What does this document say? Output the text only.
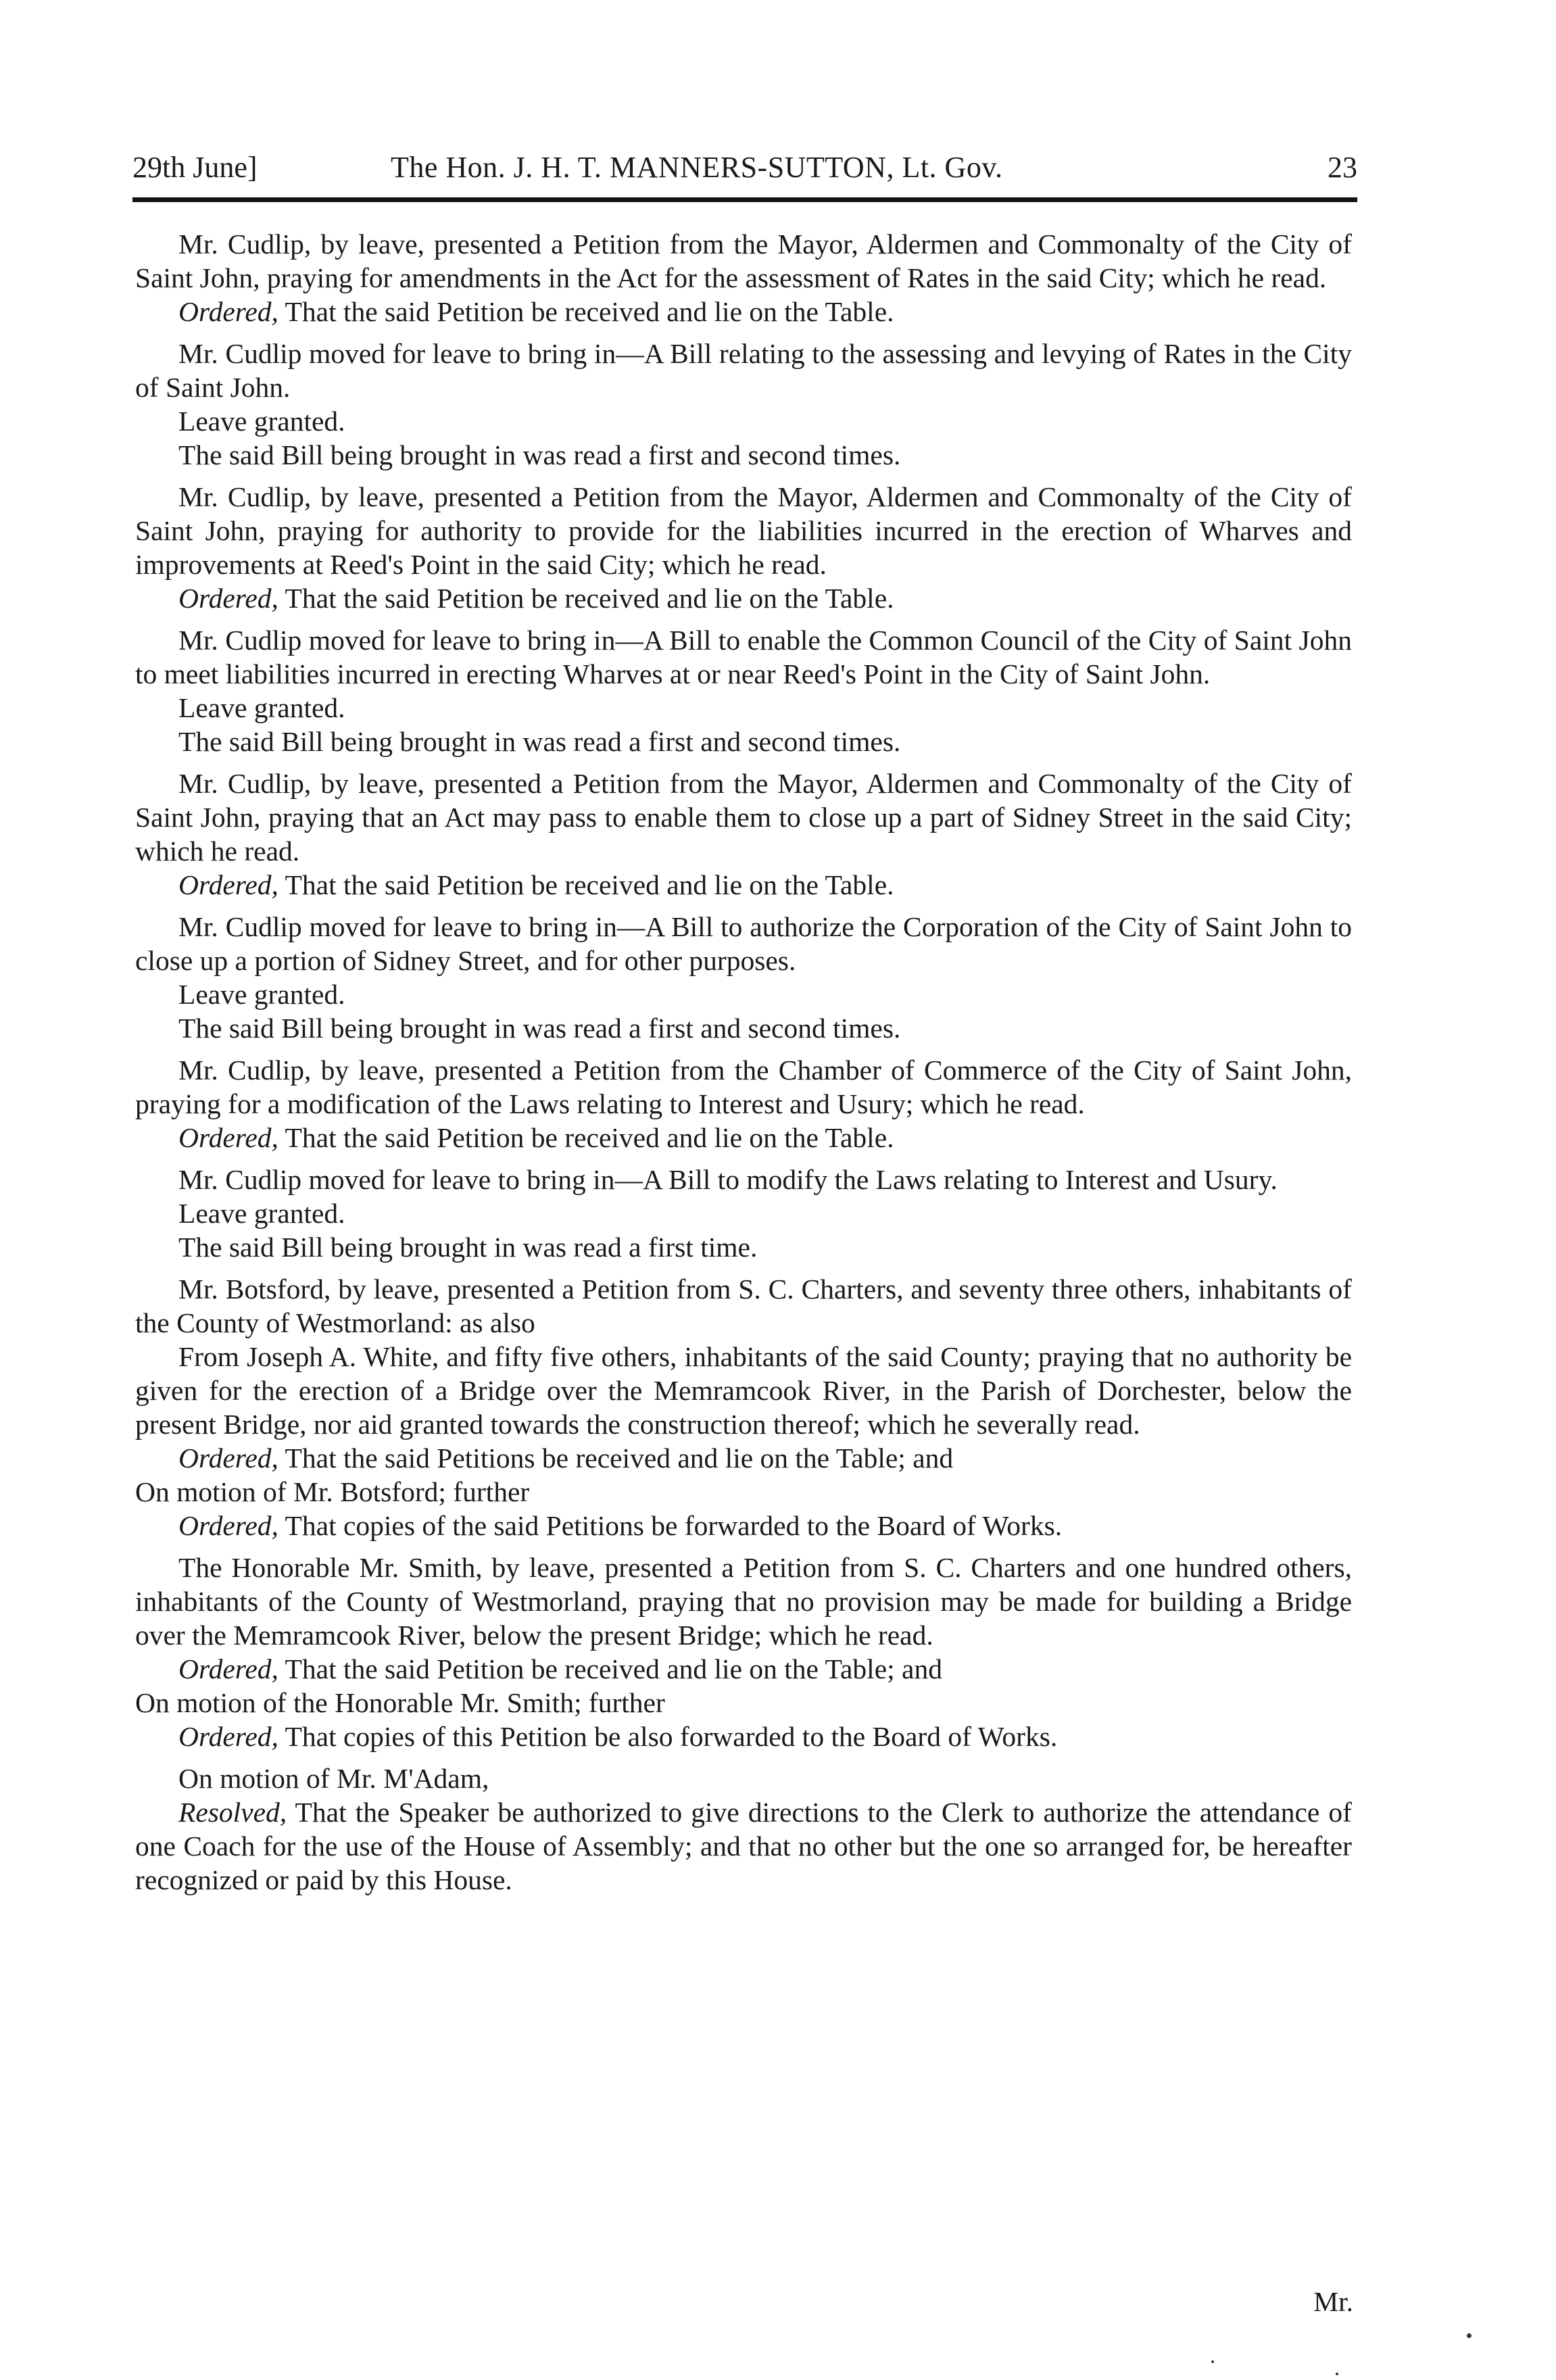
29th June]	The Hon. J. H. T. MANNERS-SUTTON, Lt. Gov.	23
Mr. Cudlip, by leave, presented a Petition from the Mayor, Aldermen and Commonalty of the City of Saint John, praying for amendments in the Act for the assessment of Rates in the said City; which he read.
Ordered, That the said Petition be received and lie on the Table.
Mr. Cudlip moved for leave to bring in—A Bill relating to the assessing and levying of Rates in the City of Saint John.
Leave granted.
The said Bill being brought in was read a first and second times.
Mr. Cudlip, by leave, presented a Petition from the Mayor, Aldermen and Commonalty of the City of Saint John, praying for authority to provide for the liabilities incurred in the erection of Wharves and improvements at Reed's Point in the said City; which he read.
Ordered, That the said Petition be received and lie on the Table.
Mr. Cudlip moved for leave to bring in—A Bill to enable the Common Council of the City of Saint John to meet liabilities incurred in erecting Wharves at or near Reed's Point in the City of Saint John.
Leave granted.
The said Bill being brought in was read a first and second times.
Mr. Cudlip, by leave, presented a Petition from the Mayor, Aldermen and Commonalty of the City of Saint John, praying that an Act may pass to enable them to close up a part of Sidney Street in the said City; which he read.
Ordered, That the said Petition be received and lie on the Table.
Mr. Cudlip moved for leave to bring in—A Bill to authorize the Corporation of the City of Saint John to close up a portion of Sidney Street, and for other purposes.
Leave granted.
The said Bill being brought in was read a first and second times.
Mr. Cudlip, by leave, presented a Petition from the Chamber of Commerce of the City of Saint John, praying for a modification of the Laws relating to Interest and Usury; which he read.
Ordered, That the said Petition be received and lie on the Table.
Mr. Cudlip moved for leave to bring in—A Bill to modify the Laws relating to Interest and Usury.
Leave granted.
The said Bill being brought in was read a first time.
Mr. Botsford, by leave, presented a Petition from S. C. Charters, and seventy three others, inhabitants of the County of Westmorland: as also
From Joseph A. White, and fifty five others, inhabitants of the said County; praying that no authority be given for the erection of a Bridge over the Memramcook River, in the Parish of Dorchester, below the present Bridge, nor aid granted towards the construction thereof; which he severally read.
Ordered, That the said Petitions be received and lie on the Table; and
On motion of Mr. Botsford; further
Ordered, That copies of the said Petitions be forwarded to the Board of Works.
The Honorable Mr. Smith, by leave, presented a Petition from S. C. Charters and one hundred others, inhabitants of the County of Westmorland, praying that no provision may be made for building a Bridge over the Memramcook River, below the present Bridge; which he read.
Ordered, That the said Petition be received and lie on the Table; and
On motion of the Honorable Mr. Smith; further
Ordered, That copies of this Petition be also forwarded to the Board of Works.
On motion of Mr. M'Adam,
Resolved, That the Speaker be authorized to give directions to the Clerk to authorize the attendance of one Coach for the use of the House of Assembly; and that no other but the one so arranged for, be hereafter recognized or paid by this House.
Mr.
